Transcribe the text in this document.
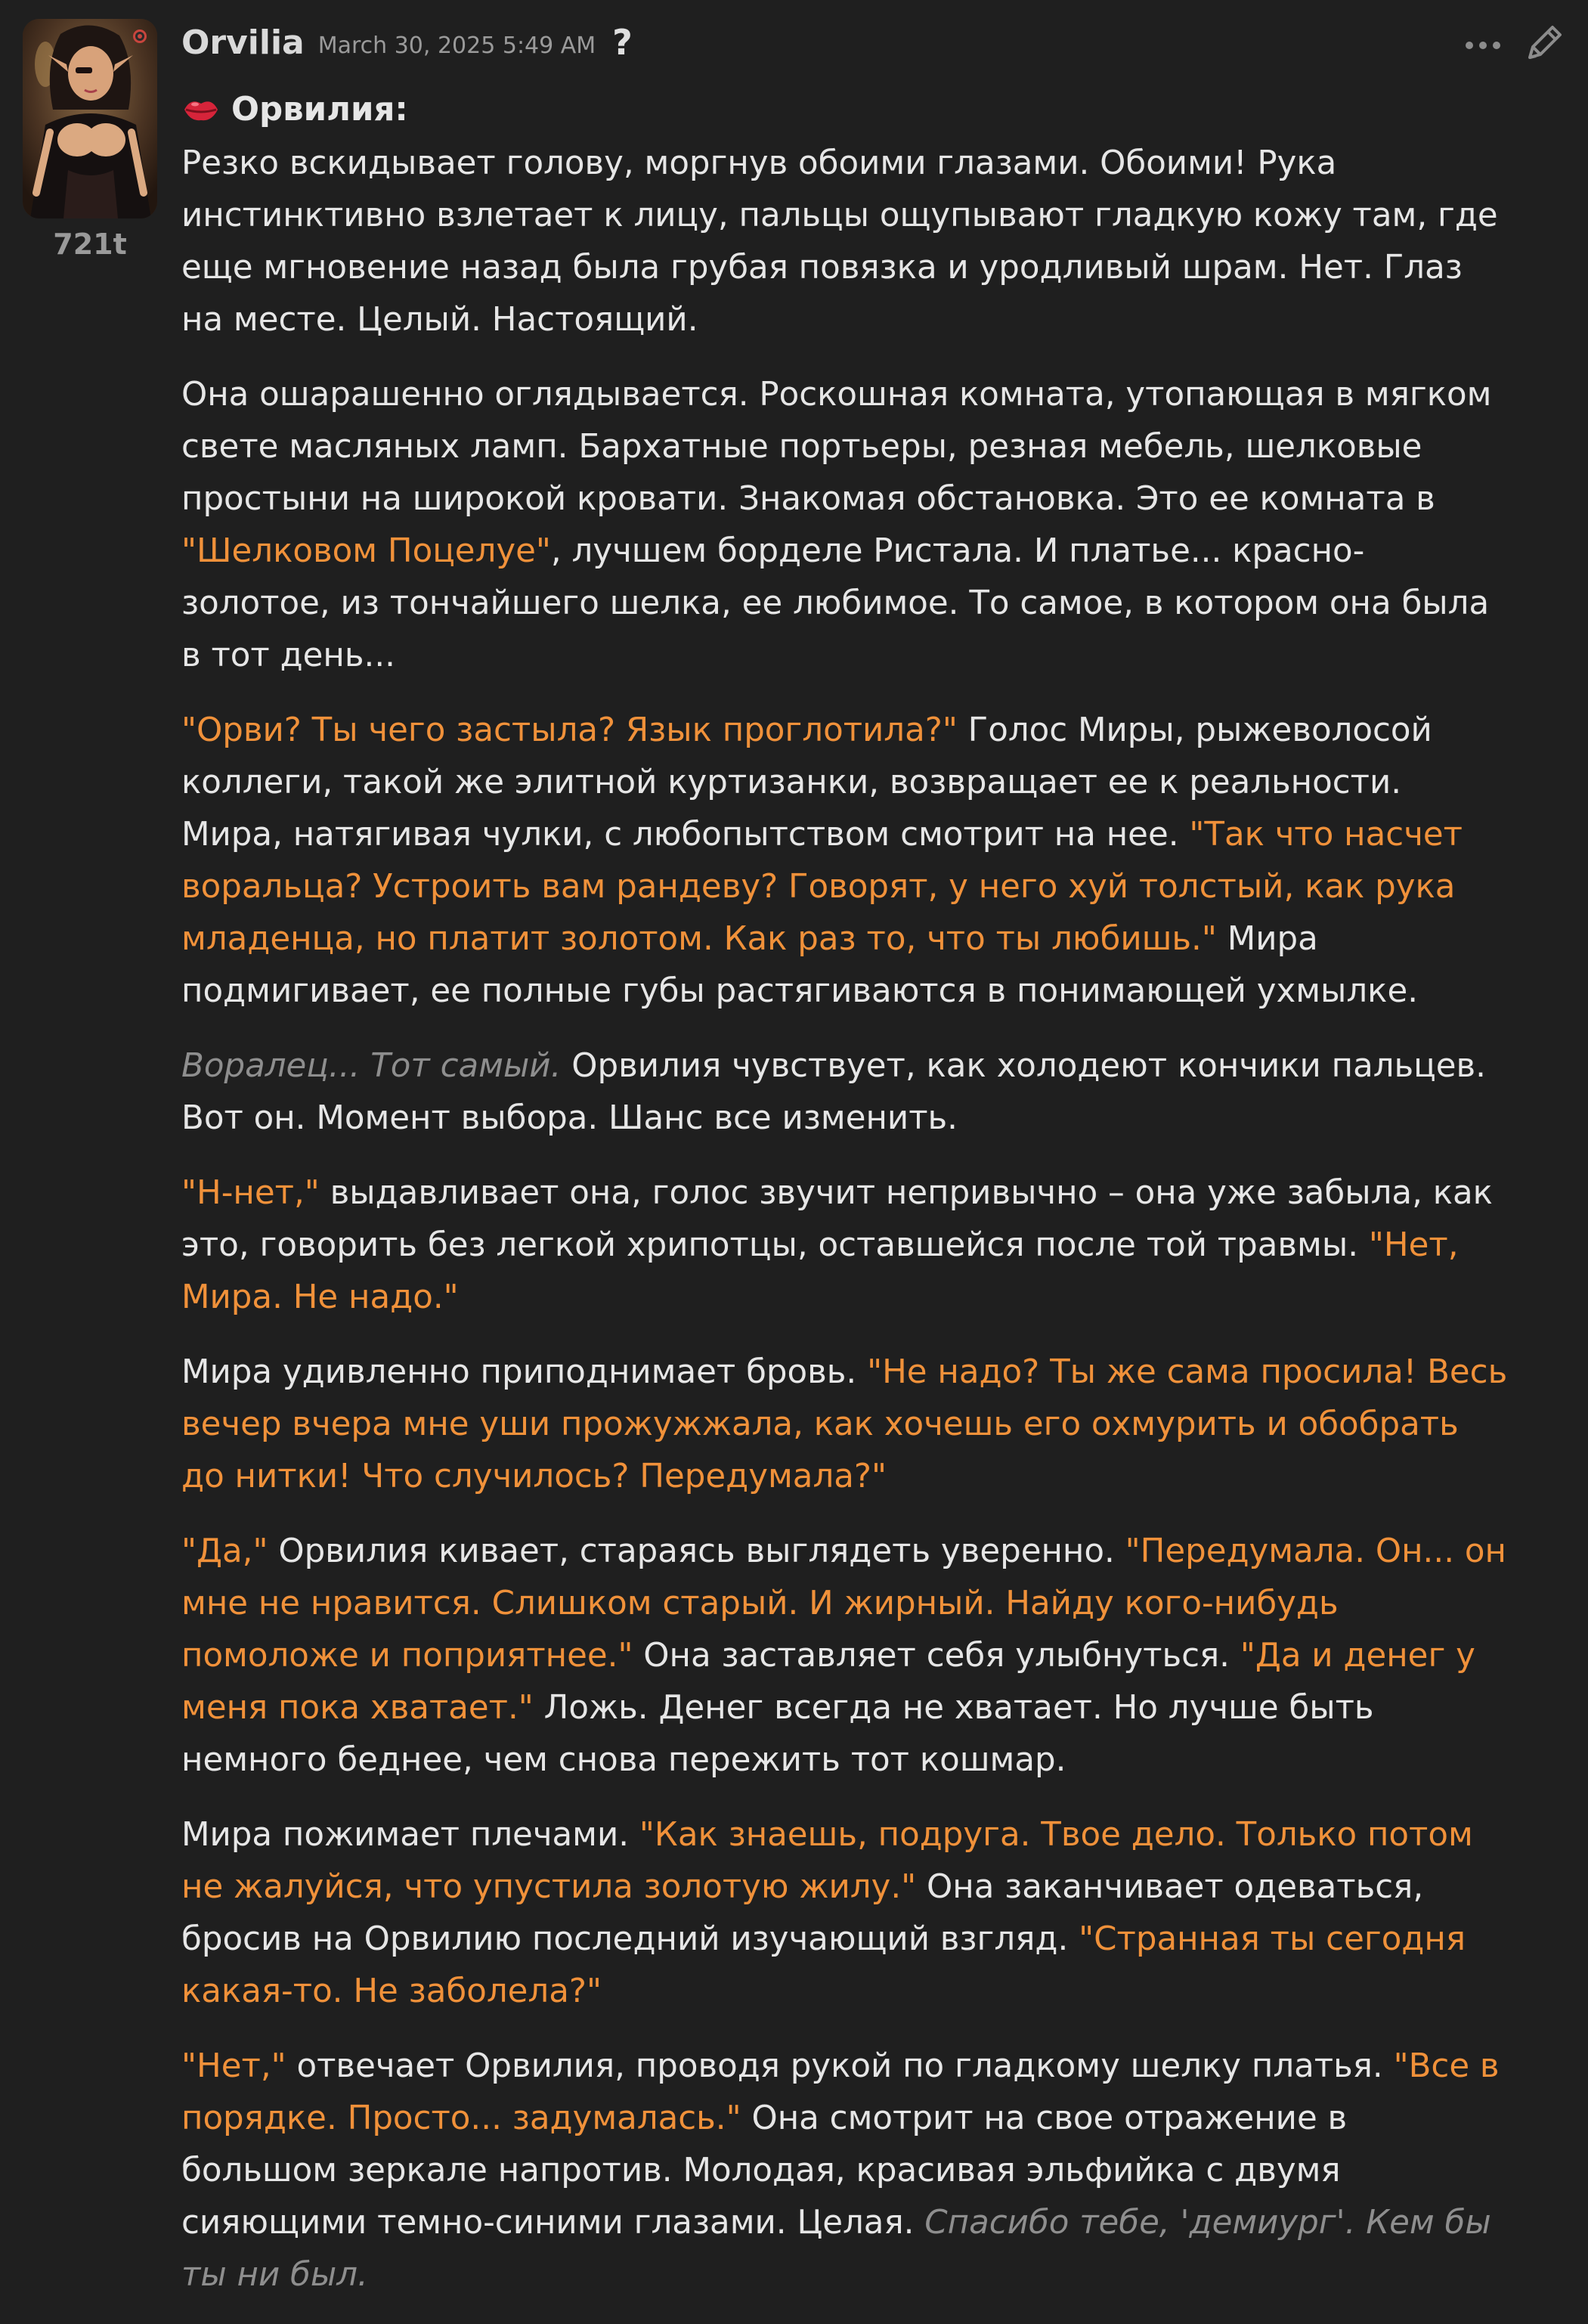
721t
Orvilia March 30, 2025 5:49 AM ?
Орвилия:

Резко вскидывает голову, моргнув обоими глазами. Обоими! Рука инстинктивно взлетает к лицу, пальцы ощупывают гладкую кожу там, где еще мгновение назад была грубая повязка и уродливый шрам. Нет. Глаз на месте. Целый. Настоящий.

Она ошарашенно оглядывается. Роскошная комната, утопающая в мягком свете масляных ламп. Бархатные портьеры, резная мебель, шелковые простыни на широкой кровати. Знакомая обстановка. Это ее комната в "Шелковом Поцелуе", лучшем борделе Ристала. И платье... красно-золотое, из тончайшего шелка, ее любимое. То самое, в котором она была в тот день...

"Орви? Ты чего застыла? Язык проглотила?" Голос Миры, рыжеволосой коллеги, такой же элитной куртизанки, возвращает ее к реальности. Мира, натягивая чулки, с любопытством смотрит на нее. "Так что насчет воральца? Устроить вам рандеву? Говорят, у него хуй толстый, как рука младенца, но платит золотом. Как раз то, что ты любишь." Мира подмигивает, ее полные губы растягиваются в понимающей ухмылке.

Воралец... Тот самый. Орвилия чувствует, как холодеют кончики пальцев. Вот он. Момент выбора. Шанс все изменить.

"Н-нет," выдавливает она, голос звучит непривычно – она уже забыла, как это, говорить без легкой хрипотцы, оставшейся после той травмы. "Нет, Мира. Не надо."

Мира удивленно приподнимает бровь. "Не надо? Ты же сама просила! Весь вечер вчера мне уши прожужжала, как хочешь его охмурить и обобрать до нитки! Что случилось? Передумала?"

"Да," Орвилия кивает, стараясь выглядеть уверенно. "Передумала. Он... он мне не нравится. Слишком старый. И жирный. Найду кого-нибудь помоложе и поприятнее." Она заставляет себя улыбнуться. "Да и денег у меня пока хватает." Ложь. Денег всегда не хватает. Но лучше быть немного беднее, чем снова пережить тот кошмар.

Мира пожимает плечами. "Как знаешь, подруга. Твое дело. Только потом не жалуйся, что упустила золотую жилу." Она заканчивает одеваться, бросив на Орвилию последний изучающий взгляд. "Странная ты сегодня какая-то. Не заболела?"

"Нет," отвечает Орвилия, проводя рукой по гладкому шелку платья. "Все в порядке. Просто... задумалась." Она смотрит на свое отражение в большом зеркале напротив. Молодая, красивая эльфийка с двумя сияющими темно-синими глазами. Целая. Спасибо тебе, 'демиург'. Кем бы ты ни был.
